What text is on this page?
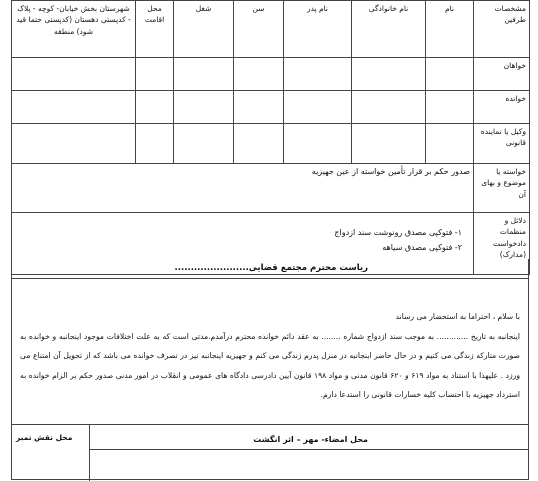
مشخصات طرفین	نام	نام خانوادگی	نام پدر	سن	شغل	محل اقامت	شهرستان بخش خیابان- کوچه - پلاک - کدپستی دهستان (کدپستی حتما قید شود) منطقه
خواهان							
خوانده							
وکیل یا نماینده قانونی							
خواسته یا موضوع و بهای آن	صدور حکم بر قرار تأمین خواسته از عین جهیزیه						
دلائل و منظمات دادخواست (مدارک)	۱- فتوکپی مصدق رونوشت سند ازدواج
۲- فتوکپی مصدق سیاهه						
ریاست محترم مجتمع قضایی.......................

با سلام ، احتراما به استحضار می رساند

اینجانبه به تاریخ ............. به موجب سند ازدواج شماره ........ به عقد دائم خوانده محترم درآمدم.مدتی است که به علت اختلافات موجود اینجانبه و خوانده به صورت متارکه زندگی می کنیم و در حال حاضر اینجانبه در منزل پدرم زندگی می کنم و جهیزیه اینجانبه نیز در تصرف خوانده می باشد که از تحویل آن امتناع می ورزد . علیهذا با استناد به مواد ۶۱۹ و ۶۲۰ قانون مدنی و مواد ۱۹۸ قانون آیین دادرسی دادگاه های عمومی و انقلاب در امور مدنی صدور حکم بر الزام خوانده به استرداد جهیزیه با احتساب کلیه خسارات قانونی را استدعا دارم.

محل نقش تمبر	محل امضاء- مهر – اثر انگشت
